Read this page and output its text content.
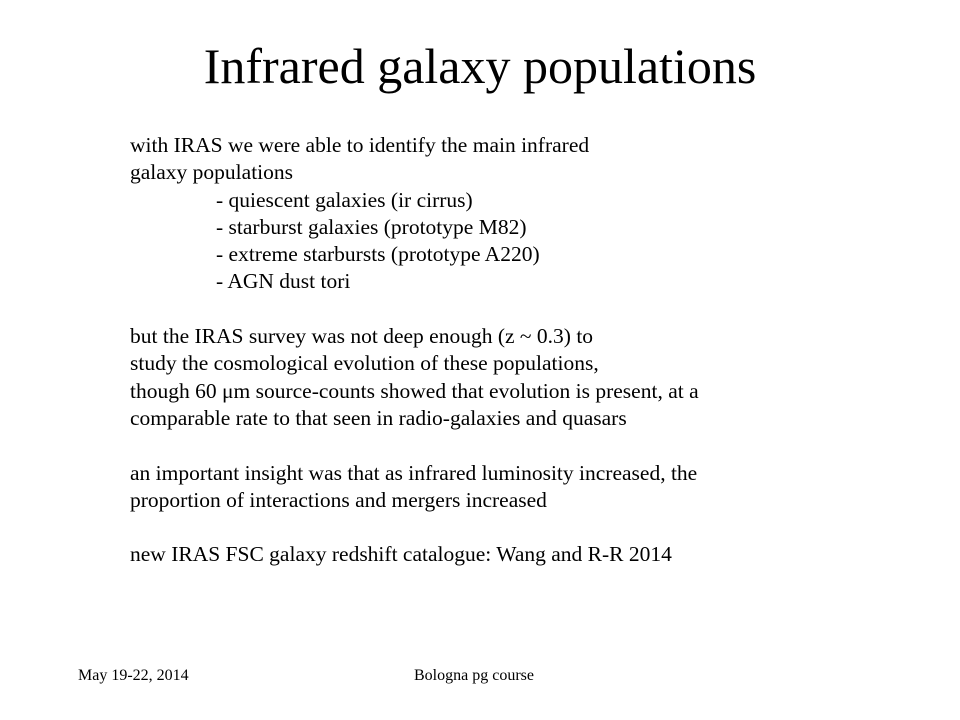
Infrared galaxy populations
with IRAS we were able to identify the main infrared
galaxy populations
- quiescent galaxies (ir cirrus)
- starburst galaxies (prototype M82)
- extreme starbursts (prototype A220)
- AGN dust tori
but the IRAS survey was not deep enough (z ~ 0.3) to
study the cosmological evolution of these populations,
though 60 μm source-counts showed that evolution is present, at a
comparable rate to that seen in radio-galaxies and quasars
an important insight was that as infrared luminosity increased, the
proportion of interactions and mergers increased
new IRAS FSC galaxy redshift catalogue: Wang and R-R 2014
May 19-22, 2014	Bologna pg course
